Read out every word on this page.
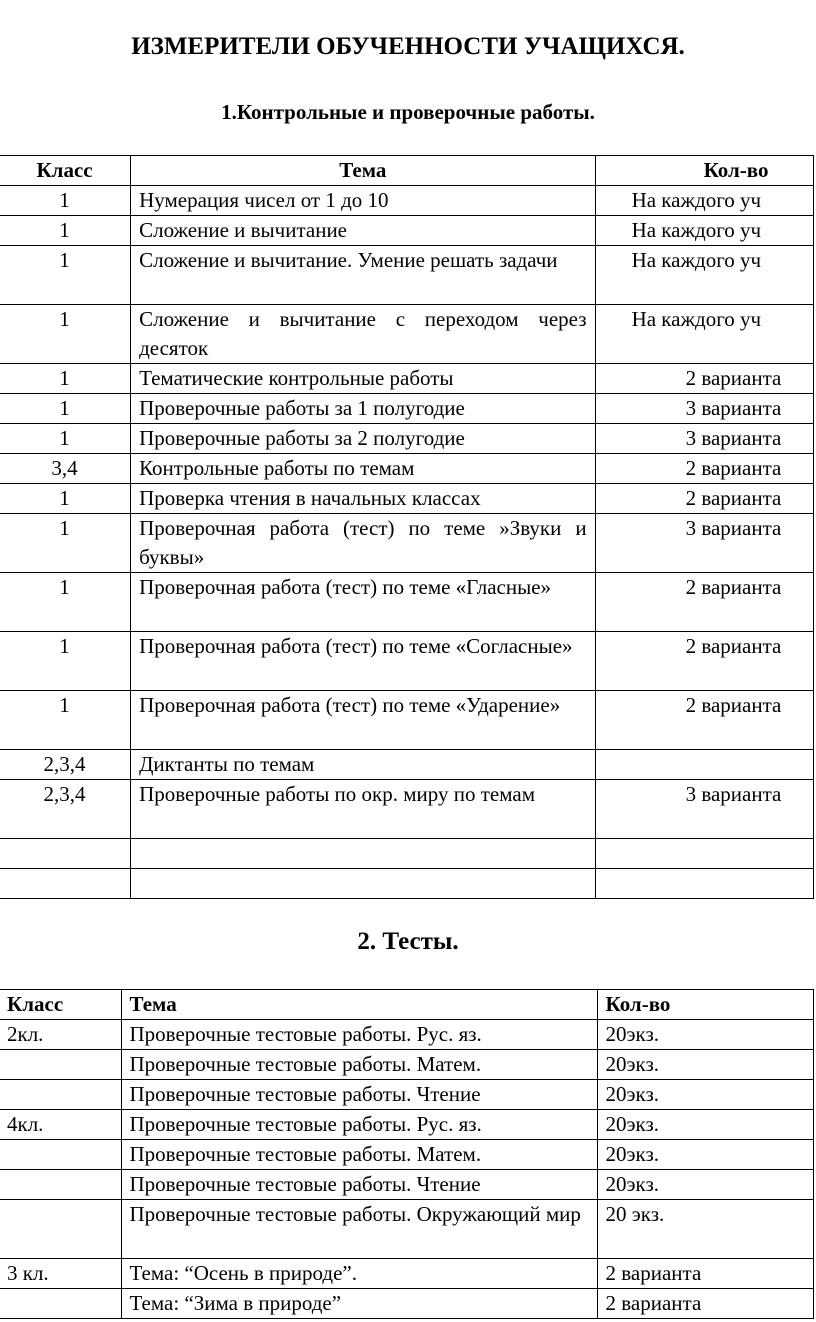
ИЗМЕРИТЕЛИ ОБУЧЕННОСТИ УЧАЩИХСЯ.
1.Контрольные и проверочные работы.
Класс	Тема	Кол-во
1	Нумерация чисел от 1 до 10	На каждого уч
1	Сложение и вычитание	На каждого уч
1	Сложение и вычитание. Умение решать задачи	На каждого уч
1	Сложение и вычитание с переходом через десяток	На каждого уч
1	Тематические контрольные работы	2 варианта
1	Проверочные работы за 1 полугодие	3 варианта
1	Проверочные работы за 2 полугодие	3 варианта
3,4	Контрольные работы по темам	2 варианта
1	Проверка чтения в начальных классах	2 варианта
1	Проверочная работа (тест) по теме »Звуки и буквы»	3 варианта
1	Проверочная работа (тест) по теме «Гласные»	2 варианта
1	Проверочная работа (тест) по теме «Согласные»	2 варианта
1	Проверочная работа (тест) по теме «Ударение»	2 варианта
2,3,4	Диктанты по темам	
2,3,4	Проверочные работы по окр. миру по темам	3 варианта

2. Тесты.
Класс	Тема	Кол-во
2кл.	Проверочные тестовые работы. Рус. яз.	20экз.
	Проверочные тестовые работы. Матем.	20экз.
	Проверочные тестовые работы. Чтение	20экз.
4кл.	Проверочные тестовые работы. Рус. яз.	20экз.
	Проверочные тестовые работы. Матем.	20экз.
	Проверочные тестовые работы. Чтение	20экз.
	Проверочные тестовые работы. Окружающий мир	20 экз.
3 кл.	Тема: “Осень в природе”.	2 варианта
	Тема: “Зима в природе”	2 варианта
